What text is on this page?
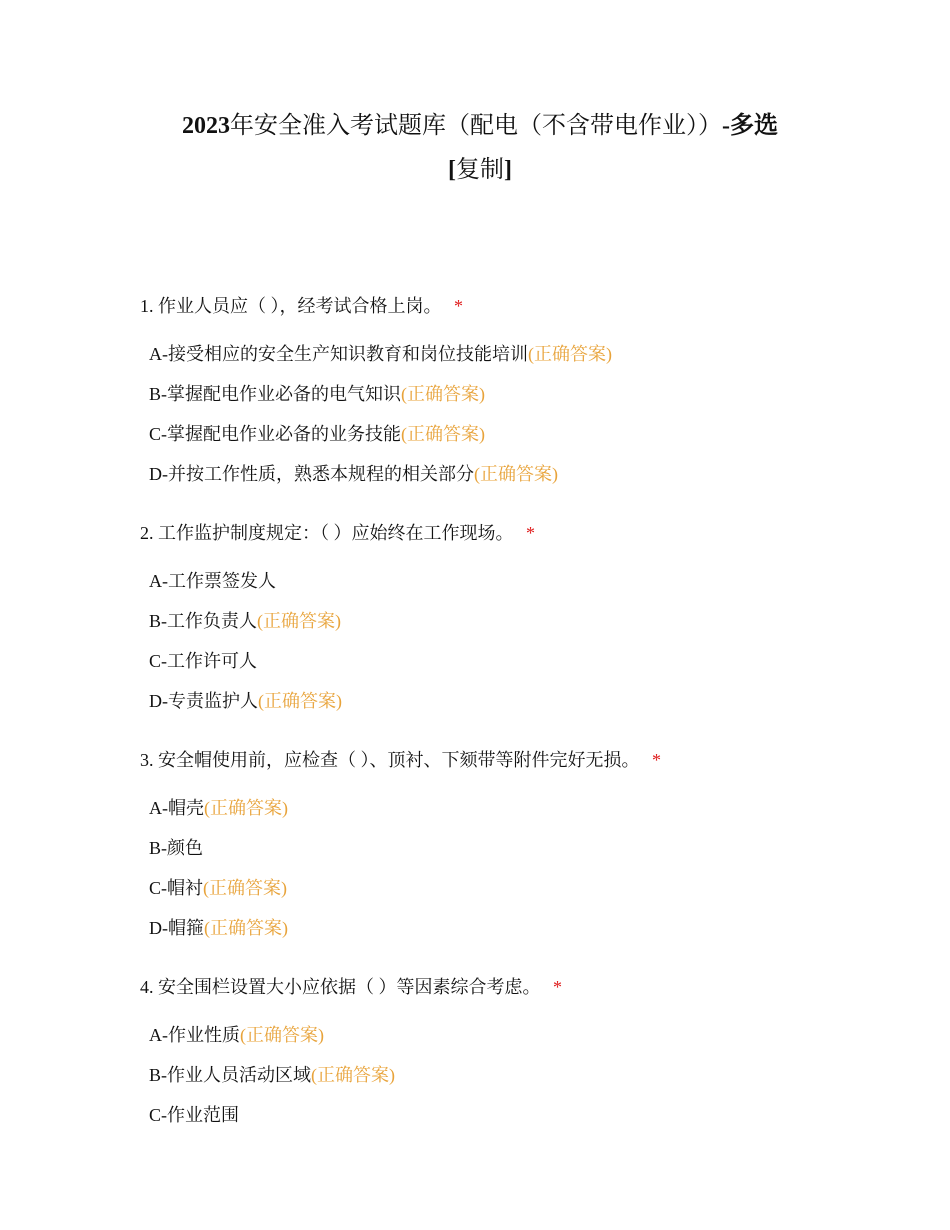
2023年安全准入考试题库（配电（不含带电作业））-多选
[复制]
1. 作业人员应（ ），经考试合格上岗。 *
A-接受相应的安全生产知识教育和岗位技能培训(正确答案)
B-掌握配电作业必备的电气知识(正确答案)
C-掌握配电作业必备的业务技能(正确答案)
D-并按工作性质，熟悉本规程的相关部分(正确答案)
2. 工作监护制度规定：（ ）应始终在工作现场。 *
A-工作票签发人
B-工作负责人(正确答案)
C-工作许可人
D-专责监护人(正确答案)
3. 安全帽使用前，应检查（ ）、顶衬、下颏带等附件完好无损。 *
A-帽壳(正确答案)
B-颜色
C-帽衬(正确答案)
D-帽箍(正确答案)
4. 安全围栏设置大小应依据（ ）等因素综合考虑。 *
A-作业性质(正确答案)
B-作业人员活动区域(正确答案)
C-作业范围
